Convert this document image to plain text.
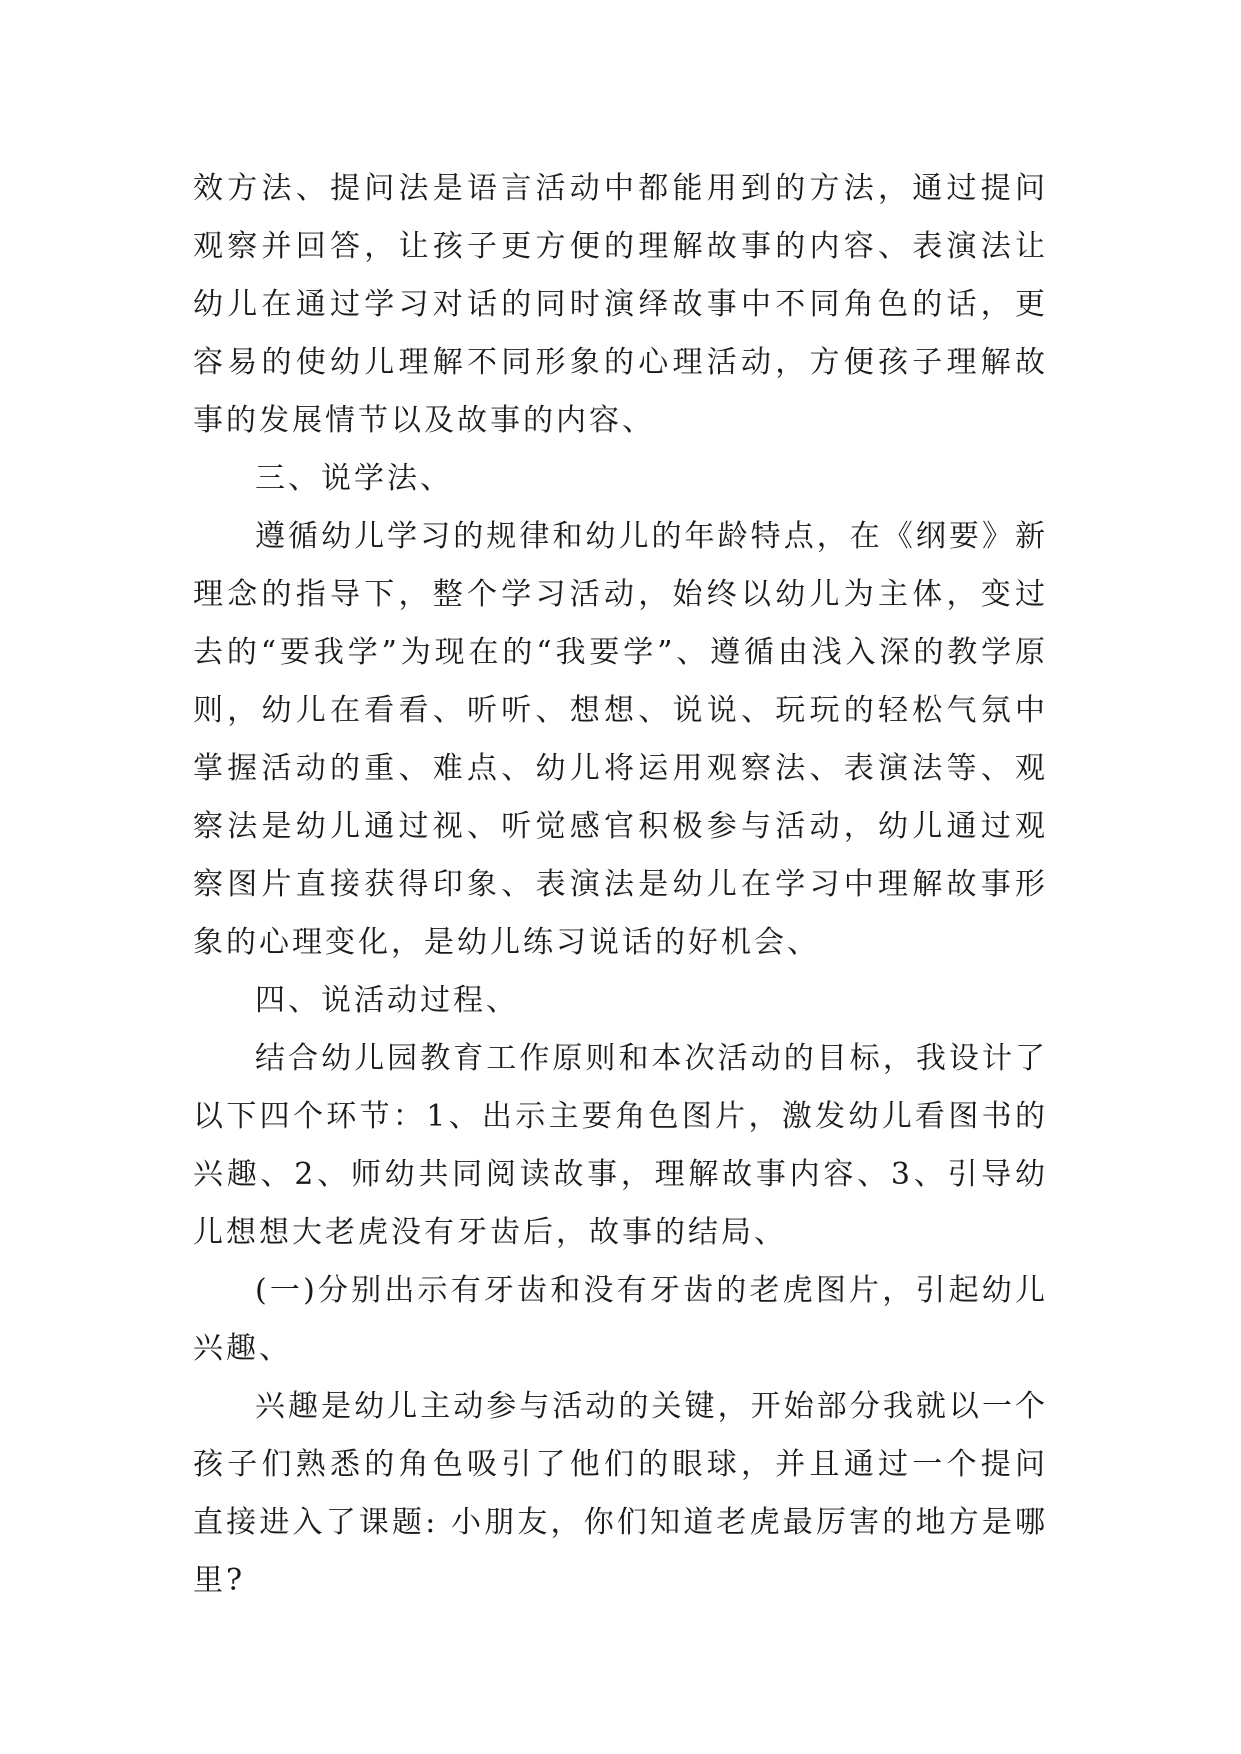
效方法、提问法是语言活动中都能用到的方法，通过提问观察并回答，让孩子更方便的理解故事的内容、表演法让幼儿在通过学习对话的同时演绎故事中不同角色的话，更容易的使幼儿理解不同形象的心理活动，方便孩子理解故事的发展情节以及故事的内容、

三、说学法、

遵循幼儿学习的规律和幼儿的年龄特点，在《纲要》新理念的指导下，整个学习活动，始终以幼儿为主体，变过去的“要我学”为现在的“我要学”、遵循由浅入深的教学原则，幼儿在看看、听听、想想、说说、玩玩的轻松气氛中掌握活动的重、难点、幼儿将运用观察法、表演法等、观察法是幼儿通过视、听觉感官积极参与活动，幼儿通过观察图片直接获得印象、表演法是幼儿在学习中理解故事形象的心理变化，是幼儿练习说话的好机会、

四、说活动过程、

结合幼儿园教育工作原则和本次活动的目标，我设计了以下四个环节：1、出示主要角色图片，激发幼儿看图书的兴趣、2、师幼共同阅读故事，理解故事内容、3、引导幼儿想想大老虎没有牙齿后，故事的结局、

(一)分别出示有牙齿和没有牙齿的老虎图片，引起幼儿兴趣、

兴趣是幼儿主动参与活动的关键，开始部分我就以一个孩子们熟悉的角色吸引了他们的眼球，并且通过一个提问直接进入了课题: 小朋友，你们知道老虎最厉害的地方是哪里?
